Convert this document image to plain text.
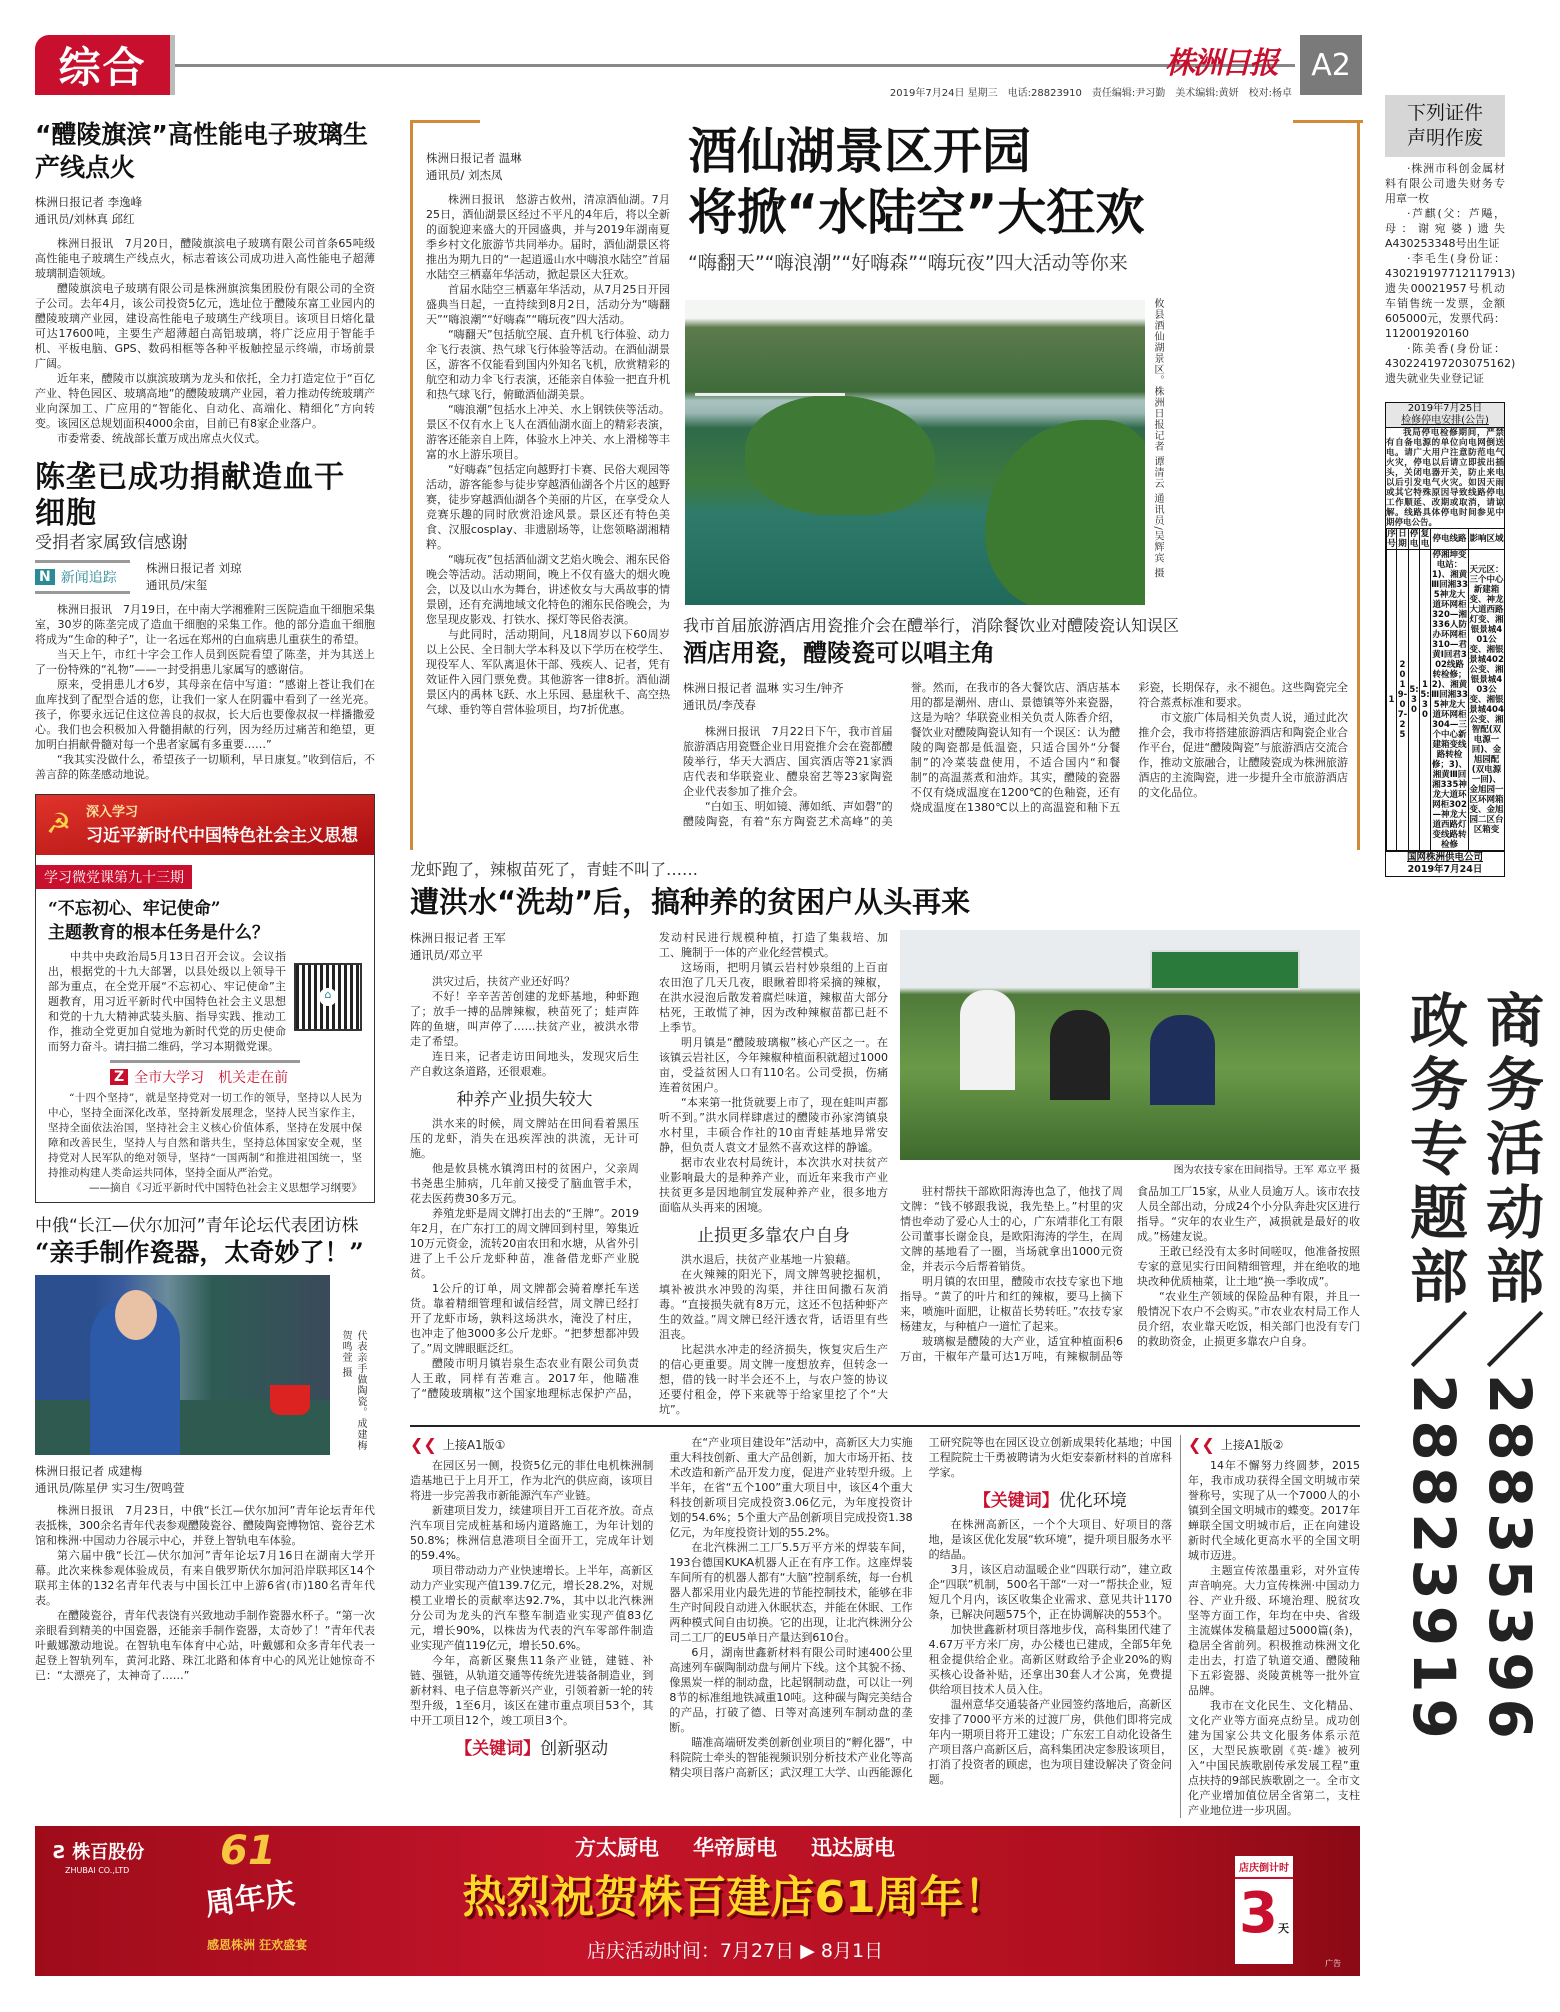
综合	株洲日报	A2
2019年7月24日 星期三　电话:28823910　责任编辑:尹习勤　美术编辑:黄妍　校对:杨卓
“醴陵旗滨”高性能电子玻璃生产线点火
株洲日报记者 李逸峰
通讯员/刘林真 邱红

株洲日报讯　7月20日，醴陵旗滨电子玻璃有限公司首条65吨级高性能电子玻璃生产线点火，标志着该公司成功进入高性能电子超薄玻璃制造领域。

醴陵旗滨电子玻璃有限公司是株洲旗滨集团股份有限公司的全资子公司。去年4月，该公司投资5亿元，选址位于醴陵东富工业园内的醴陵玻璃产业园，建设高性能电子玻璃生产线项目。该项目日熔化量可达17600吨，主要生产超薄超白高铝玻璃，将广泛应用于智能手机、平板电脑、GPS、数码相框等各种平板触控显示终端，市场前景广阔。

近年来，醴陵市以旗滨玻璃为龙头和依托，全力打造定位于“百亿产业、特色园区、玻璃高地”的醴陵玻璃产业园，着力推动传统玻璃产业向深加工、广应用的“智能化、自动化、高端化、精细化”方向转变。该园区总规划面积4000余亩，目前已有8家企业落户。

市委常委、统战部长董万成出席点火仪式。

陈垄已成功捐献造血干细胞
受捐者家属致信感谢
N 新闻追踪
株洲日报记者 刘琼
通讯员/宋玺

株洲日报讯　7月19日，在中南大学湘雅附三医院造血干细胞采集室，30岁的陈垄完成了造血干细胞的采集工作。他的部分造血干细胞将成为“生命的种子”，让一名远在郑州的白血病患儿重获生的希望。

当天上午，市红十字会工作人员到医院看望了陈垄，并为其送上了一份特殊的“礼物”——一封受捐患儿家属写的感谢信。

原来，受捐患儿才6岁，其母亲在信中写道：“感谢上苍让我们在血库找到了配型合适的您，让我们一家人在阴霾中看到了一丝光亮。孩子，你要永远记住这位善良的叔叔，长大后也要像叔叔一样播撒爱心。我们也会积极加入骨髓捐献的行列，因为经历过痛苦和绝望，更加明白捐献骨髓对每一个患者家属有多重要……”

“我其实没做什么，希望孩子一切顺利，早日康复。”收到信后，不善言辞的陈垄感动地说。

☭ 深入学习
习近平新时代中国特色社会主义思想
学习微党课第九十三期
“不忘初心、牢记使命”
主题教育的根本任务是什么？
⌂

中共中央政治局5月13日召开会议。会议指出，根据党的十九大部署，以县处级以上领导干部为重点，在全党开展“不忘初心、牢记使命”主题教育，用习近平新时代中国特色社会主义思想和党的十九大精神武装头脑、指导实践、推动工作，推动全党更加自觉地为新时代党的历史使命而努力奋斗。请扫描二维码，学习本期微党课。

Z 全市大学习　机关走在前

“十四个坚持”，就是坚持党对一切工作的领导，坚持以人民为中心，坚持全面深化改革，坚持新发展理念，坚持人民当家作主，坚持全面依法治国，坚持社会主义核心价值体系，坚持在发展中保障和改善民生，坚持人与自然和谐共生，坚持总体国家安全观，坚持党对人民军队的绝对领导，坚持“一国两制”和推进祖国统一，坚持推动构建人类命运共同体，坚持全面从严治党。

——摘自《习近平新时代中国特色社会主义思想学习纲要》

中俄“长江—伏尔加河”青年论坛代表团访株
“亲手制作瓷器，太奇妙了！”
代表亲手做陶瓷。成建梅 贺鸣萱 摄
株洲日报记者 成建梅
通讯员/陈星伊 实习生/贺鸣萱

株洲日报讯　7月23日，中俄“长江—伏尔加河”青年论坛青年代表抵株，300余名青年代表参观醴陵瓷谷、醴陵陶瓷博物馆、瓷谷艺术馆和株洲·中国动力谷展示中心，并登上智轨电车体验。

第六届中俄“长江—伏尔加河”青年论坛7月16日在湖南大学开幕。此次来株参观体验成员，有来自俄罗斯伏尔加河沿岸联邦区14个联邦主体的132名青年代表与中国长江中上游6省(市)180名青年代表。

在醴陵瓷谷，青年代表饶有兴致地动手制作瓷器水杯子。“第一次亲眼看到精美的中国瓷器，还能亲手制作瓷器，太奇妙了！”青年代表叶戴娜激动地说。在智轨电车体育中心站，叶戴娜和众多青年代表一起登上智轨列车，黄河北路、珠江北路和体育中心的风光让她惊奇不已：“太漂亮了，太神奇了……”

株洲日报记者 温琳
通讯员/ 刘杰凤

株洲日报讯　悠游古攸州，清凉酒仙湖。7月25日，酒仙湖景区经过不平凡的4年后，将以全新的面貌迎来盛大的开园盛典，并与2019年湖南夏季乡村文化旅游节共同举办。届时，酒仙湖景区将推出为期九日的“一起逍遥山水中嗨浪水陆空”首届水陆空三栖嘉年华活动，掀起景区大狂欢。

首届水陆空三栖嘉年华活动，从7月25日开园盛典当日起，一直持续到8月2日，活动分为“嗨翻天”“嗨浪潮”“好嗨森”“嗨玩夜”四大活动。

“嗨翻天”包括航空展、直升机飞行体验、动力伞飞行表演、热气球飞行体验等活动。在酒仙湖景区，游客不仅能看到国内外知名飞机，欣赏精彩的航空和动力伞飞行表演，还能亲自体验一把直升机和热气球飞行，俯瞰酒仙湖美景。

“嗨浪潮”包括水上冲关、水上钢铁侠等活动。景区不仅有水上飞人在酒仙湖水面上的精彩表演，游客还能亲自上阵，体验水上冲关、水上滑梯等丰富的水上游乐项目。

“好嗨森”包括定向越野打卡赛、民俗大观园等活动，游客能参与徒步穿越酒仙湖各个片区的越野赛，徒步穿越酒仙湖各个美丽的片区，在享受众人竞赛乐趣的同时欣赏沿途风景。景区还有特色美食、汉服cosplay、非遗剧场等，让您领略湖湘精粹。

“嗨玩夜”包括酒仙湖文艺焰火晚会、湘东民俗晚会等活动。活动期间，晚上不仅有盛大的烟火晚会，以及以山水为舞台，讲述攸女与大禹故事的情景剧，还有充满地域文化特色的湘东民俗晚会，为您呈现皮影戏、打铁水、探灯等民俗表演。

与此同时，活动期间，凡18周岁以下60周岁以上公民、全日制大学本科及以下学历在校学生、现役军人、军队离退休干部、残疾人、记者，凭有效证件入园门票免费。其他游客一律8折。酒仙湖景区内的禹林飞跃、水上乐园、悬崖秋千、高空热气球、垂钓等自营体验项目，均7折优惠。

酒仙湖景区开园
将掀“水陆空”大狂欢
“嗨翻天”“嗨浪潮”“好嗨森”“嗨玩夜”四大活动等你来
攸县酒仙湖景区。株洲日报记者 谭清云 通讯员/吴辉宾 摄
我市首届旅游酒店用瓷推介会在醴举行，消除餐饮业对醴陵瓷认知误区
酒店用瓷，醴陵瓷可以唱主角
株洲日报记者 温琳 实习生/钟齐
通讯员/李茂春

株洲日报讯　7月22日下午，我市首届旅游酒店用瓷暨企业日用瓷推介会在瓷都醴陵举行，华天大酒店、国宾酒店等21家酒店代表和华联瓷业、醴泉窑艺等23家陶瓷企业代表参加了推介会。

“白如玉、明如镜、薄如纸、声如磬”的醴陵陶瓷，有着“东方陶瓷艺术高峰”的美誉。然而，在我市的各大餐饮店、酒店基本用的都是潮州、唐山、景德镇等外来瓷器，这是为啥？华联瓷业相关负责人陈香介绍，餐饮业对醴陵陶瓷认知有一个误区：认为醴陵的陶瓷都是低温瓷，只适合国外“分餐制”的冷菜装盘使用，不适合国内“和餐制”的高温蒸煮和油炸。其实，醴陵的瓷器不仅有烧成温度在1200℃的色釉瓷，还有烧成温度在1380℃以上的高温瓷和釉下五彩瓷，长期保存，永不褪色。这些陶瓷完全符合蒸煮标准和要求。

市文旅广体局相关负责人说，通过此次推介会，我市将搭建旅游酒店和陶瓷企业合作平台，促进“醴陵陶瓷”与旅游酒店交流合作，推动文旅融合，让醴陵瓷成为株洲旅游酒店的主流陶瓷，进一步提升全市旅游酒店的文化品位。

龙虾跑了，辣椒苗死了，青蛙不叫了……
遭洪水“洗劫”后，搞种养的贫困户从头再来
株洲日报记者 王军
通讯员/邓立平

洪灾过后，扶贫产业还好吗？

不好！辛辛苦苦创建的龙虾基地，种虾跑了；放手一搏的品牌辣椒，秧苗死了；蛙声阵阵的鱼塘，叫声停了……扶贫产业，被洪水带走了希望。

连日来，记者走访田间地头，发现灾后生产自救这条道路，还很艰难。

种养产业损失较大

洪水来的时候，周文牌站在田间看着黑压压的龙虾，消失在迅疾浑浊的洪流，无计可施。

他是攸县桃水镇湾田村的贫困户，父亲周书尧患尘肺病，几年前又接受了脑血管手术，花去医药费30多万元。

养殖龙虾是周文牌打出去的“王牌”。2019年2月，在广东打工的周文牌回到村里，筹集近10万元资金，流转20亩农田和水塘，从省外引进了上千公斤龙虾种苗，准备借龙虾产业脱贫。

1公斤的订单，周文牌都会骑着摩托车送货。靠着精细管理和诚信经营，周文牌已经打开了龙虾市场，孰料这场洪水，淹没了村庄，也冲走了他3000多公斤龙虾。“把梦想都冲毁了。”周文牌眼眶泛红。

醴陵市明月镇岩泉生态农业有限公司负责人王敢，同样有苦难言。2017年，他瞄准了“醴陵玻璃椒”这个国家地理标志保护产品，发动村民进行规模种植，打造了集栽培、加工、腌制于一体的产业化经营模式。

这场雨，把明月镇云岩村妙泉组的上百亩农田泡了几天几夜，眼瞅着即将采摘的辣椒，在洪水浸泡后散发着腐烂味道，辣椒苗大部分枯死，王敢慌了神，因为改种辣椒苗都已赶不上季节。

明月镇是“醴陵玻璃椒”核心产区之一。在该镇云岩社区，今年辣椒种植面积就超过1000亩，受益贫困人口有110名。公司受损，伤痛连着贫困户。

“本来第一批货就要上市了，现在蛙叫声都听不到。”洪水同样肆虐过的醴陵市孙家湾镇泉水村里，丰硕合作社的10亩青蛙基地异常安静，但负责人袁文才显然不喜欢这样的静谧。

据市农业农村局统计，本次洪水对扶贫产业影响最大的是种养产业，而近年来我市产业扶贫更多是因地制宜发展种养产业，很多地方面临从头再来的困境。

止损更多靠农户自身

洪水退后，扶贫产业基地一片狼藉。

在火辣辣的阳光下，周文牌驾驶挖掘机，填补被洪水冲毁的沟渠，并往田间撒石灰消毒。“直接损失就有8万元，这还不包括种虾产生的效益。”周文牌已经汗透衣背，话语里有些沮丧。

比起洪水冲走的经济损失，恢复灾后生产的信心更重要。周文牌一度想放弃，但转念一想，借的钱一时半会还不上，与农户签的协议还要付租金，停下来就等于给家里挖了个“大坑”。

图为农技专家在田间指导。王军 邓立平 摄

驻村帮扶干部欧阳海涛也急了，他找了周文牌：“钱不够跟我说，我先垫上。”村里的灾情也牵动了爱心人士的心，广东靖菲化工有限公司董事长谢金良，是欧阳海涛的学生，在周文牌的基地看了一圈，当场就拿出1000元资金，并表示今后帮着销货。

明月镇的农田里，醴陵市农技专家也下地指导。“黄了的叶片和红的辣椒，要马上摘下来，喷施叶面肥，让椒苗长势转旺。”农技专家杨建友，与种植户一道忙了起来。

玻璃椒是醴陵的大产业，适宜种植面积6万亩，干椒年产量可达1万吨，有辣椒制品等食品加工厂15家，从业人员逾万人。该市农技人员全部出动，分成24个小分队奔赴灾区进行指导。“灾年的农业生产，减损就是最好的收成。”杨建友说。

王敢已经没有太多时间嗟叹，他准备按照专家的意见实行田间精细管理，并在绝收的地块改种优质柚菜，让土地“换一季收成”。

“农业生产领域的保险品种有限，并且一般情况下农户不会购买。”市农业农村局工作人员介绍，农业靠天吃饭，相关部门也没有专门的救助资金，止损更多靠农户自身。

❮❮ 上接A1版①

在园区另一侧，投资5亿元的菲仕电机株洲制造基地已于上月开工，作为北汽的供应商，该项目将进一步完善我市新能源汽车产业链。

新建项目发力，续建项目开工百花齐放。奇点汽车项目完成桩基和场内道路施工，为年计划的50.8%；株洲信息港项目全面开工，完成年计划的59.4%。

项目带动动力产业快速增长。上半年，高新区动力产业实现产值139.7亿元，增长28.2%，对规模工业增长的贡献率达92.7%，其中以北汽株洲分公司为龙头的汽车整车制造业实现产值83亿元，增长90%，以株齿为代表的汽车零部件制造业实现产值119亿元，增长50.6%。

今年，高新区聚焦11条产业链，建链、补链、强链，从轨道交通等传统先进装备制造业，到新材料、电子信息等新兴产业，引领着新一轮的转型升级，1至6月，该区在建市重点项目53个，其中开工项目12个，竣工项目3个。

【关键词】创新驱动

在“产业项目建设年”活动中，高新区大力实施重大科技创新、重大产品创新，加大市场开拓、技术改造和新产品开发力度，促进产业转型升级。上半年，在省“五个100”重大项目中，该区4个重大科技创新项目完成投资3.06亿元，为年度投资计划的54.6%；5个重大产品创新项目完成投资1.38亿元，为年度投资计划的55.2%。

在北汽株洲二工厂5.5万平方米的焊装车间，193台德国KUKA机器人正在有序工作。这座焊装车间所有的机器人都有“大脑”控制系统，每一台机器人都采用业内最先进的节能控制技术，能够在非生产时间段自动进入休眠状态，并能在休眠、工作两种模式间自由切换。它的出现，让北汽株洲分公司二工厂的EU5单日产量达到610台。

6月，湖南世鑫新材料有限公司时速400公里高速列车碳陶制动盘与闸片下线。这个其貌不扬、像黑炭一样的制动盘，比起钢制动盘，可以让一列8节的标准组地铁减重10吨。这种碳与陶完美结合的产品，打破了德、日等对高速列车制动盘的垄断。

瞄准高端研发类创新创业项目的“孵化器”，中科院院士牵头的智能视频识别分析技术产业化等高精尖项目落户高新区；武汉理工大学、山西能源化工研究院等也在园区设立创新成果转化基地；中国工程院院士干勇被聘请为火炬安泰新材料的首席科学家。

【关键词】优化环境

在株洲高新区，一个个大项目、好项目的落地，是该区优化发展“软环境”，提升项目服务水平的结晶。

3月，该区启动温暖企业“四联行动”，建立政企“四联”机制，500名干部“一对一”帮扶企业，短短几个月内，该区收集企业需求、意见共计1170条，已解决问题575个，正在协调解决的553个。

加快世鑫新材项目落地步伐，高科集团代建了4.67万平方米厂房，办公楼也已建成，全部5年免租金提供给企业。高新区财政给予企业20%的购买核心设备补贴，还拿出30套人才公寓，免费提供给项目技术人员入住。

温州意华交通装备产业园签约落地后，高新区安排了7000平方米的过渡厂房，供他们即将完成年内一期项目将开工建设；广东宏工自动化设备生产项目落户高新区后，高科集团决定参股该项目，打消了投资者的顾虑，也为项目建设解决了资金问题。

❮❮ 上接A1版②

14年不懈努力终圆梦，2015年，我市成功获得全国文明城市荣誉称号，实现了从一个7000人的小镇到全国文明城市的蝶变。2017年蝉联全国文明城市后，正在向建设新时代全域化更高水平的全国文明城市迈进。

主题宣传浓墨重彩，对外宣传声音响亮。大力宣传株洲·中国动力谷、产业升级、环境治理、脱贫攻坚等方面工作，年均在中央、省级主流媒体发稿量超过5000篇(条)，稳居全省前列。积极推动株洲文化走出去，打造了轨道交通、醴陵釉下五彩瓷器、炎陵黄桃等一批外宣品牌。

我市在文化民生、文化精品、文化产业等方面亮点纷呈。成功创建为国家公共文化服务体系示范区，大型民族歌剧《英·雄》被列入“中国民族歌剧传承发展工程”重点扶持的9部民族歌剧之一。全市文化产业增加值位居全省第二，支柱产业地位进一步巩固。

下列证件
声明作废

·株洲市科创金属材料有限公司遗失财务专用章一枚

·芦麒(父：芦飚，母：谢宛婆)遗失A430253348号出生证

·李毛生(身份证：430219197712117913)遗失00021957号机动车销售统一发票，金额605000元，发票代码：112001920160

·陈美香(身份证：430224197203075162)遗失就业失业登记证

2019年7月25日
检修停电安排(公告)

我局停电检修期间，严禁有自备电源的单位向电网倒送电。请广大用户注意防范电气火灾，停电以后请立即拔出插头，关闭电器开关，防止来电以后引发电气火灾。如因天雨或其它特殊原因导致线路停电工作顺延、改期或取消，请谅解。线路具体停电时间参见中期停电公告。

序号	日期	停电	复电	停电线路	影响区域
1	2019-07-25	5:30	15:30	停湘坤变电站：1)、湘黄Ⅲ回湘335神龙大道环网柜320—湘336人防办环网柜310—君黄Ⅰ回君302线路转检修；2)、湘黄Ⅲ回湘335神龙大道环网柜304—三个中心新建箱变线路转检修；3)、湘黄Ⅲ回湘335神龙大道环网柜302—神龙大道西路灯变线路转检修	天元区：三个中心新建箱变、神龙大道西路灯变、湘银景城401公变、湘银景城402公变、湘银景城403公变、湘银景城404公变、湘智配(双电源一回)、金旭园配(双电源一回)、金旭园一区环网箱变、金旭园二区台区箱变
国网株洲供电公司
2019年7月24日
商务活动部／28835396
政务专题部／28823919
Ƨ 株百股份
ZHUBAI CO.,LTD 61
周年庆
感恩株洲 狂欢盛宴
方太厨电 华帝厨电 迅达厨电
热烈祝贺株百建店61周年！
店庆活动时间：7月27日 ▶ 8月1日
店庆倒计时
3天
广告
